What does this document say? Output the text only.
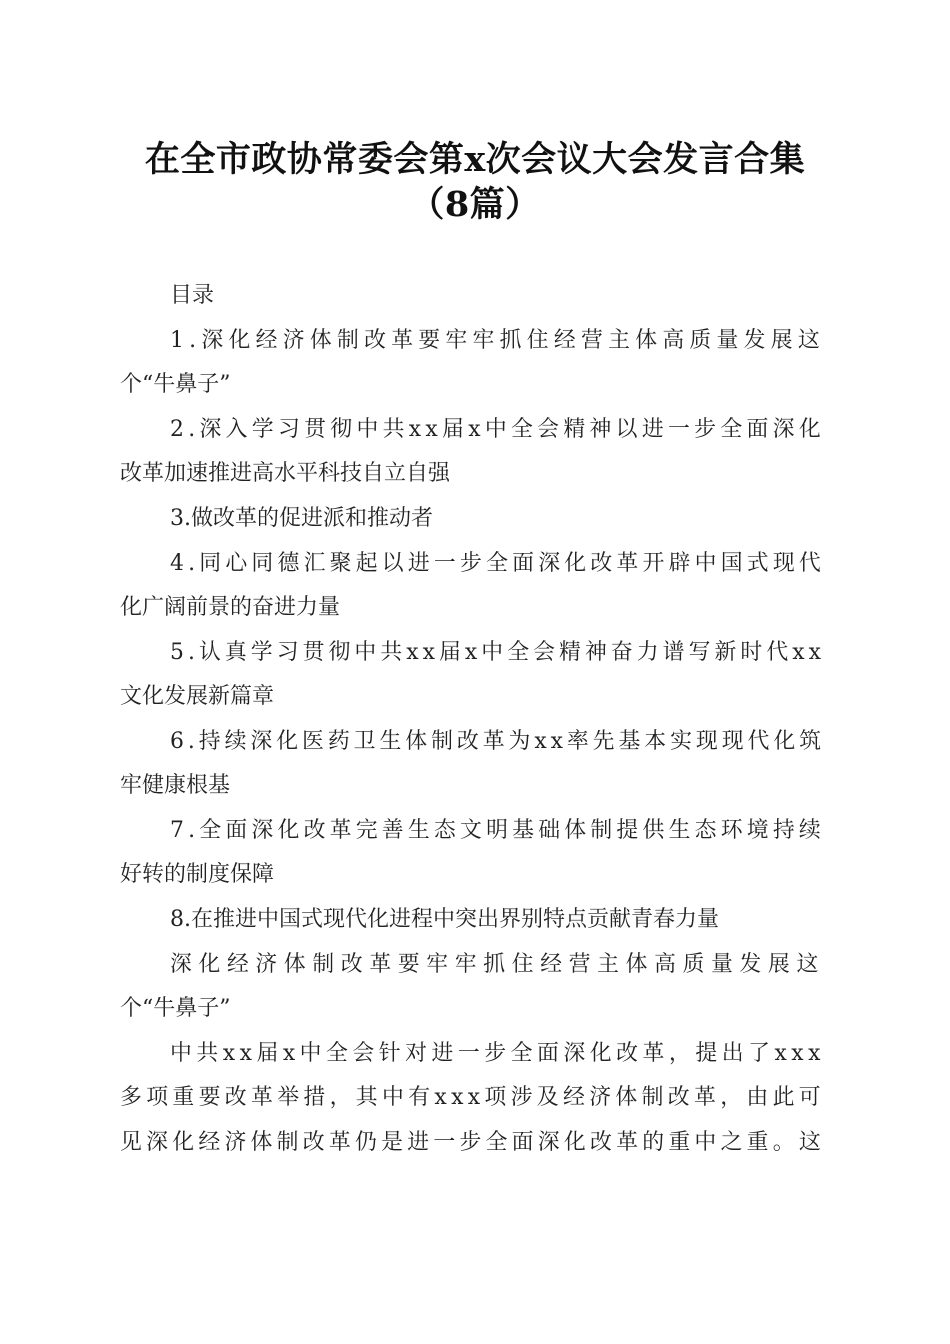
在全市政协常委会第x次会议大会发言合集
（8篇）
目录
1.深化经济体制改革要牢牢抓住经营主体高质量发展这
个“牛鼻子”
2.深入学习贯彻中共xx届x中全会精神以进一步全面深化
改革加速推进高水平科技自立自强
3.做改革的促进派和推动者
4.同心同德汇聚起以进一步全面深化改革开辟中国式现代
化广阔前景的奋进力量
5.认真学习贯彻中共xx届x中全会精神奋力谱写新时代xx
文化发展新篇章
6.持续深化医药卫生体制改革为xx率先基本实现现代化筑
牢健康根基
7.全面深化改革完善生态文明基础体制提供生态环境持续
好转的制度保障
8.在推进中国式现代化进程中突出界别特点贡献青春力量
深化经济体制改革要牢牢抓住经营主体高质量发展这
个“牛鼻子”
中共xx届x中全会针对进一步全面深化改革，提出了xxx
多项重要改革举措，其中有xxx项涉及经济体制改革，由此可
见深化经济体制改革仍是进一步全面深化改革的重中之重。这
